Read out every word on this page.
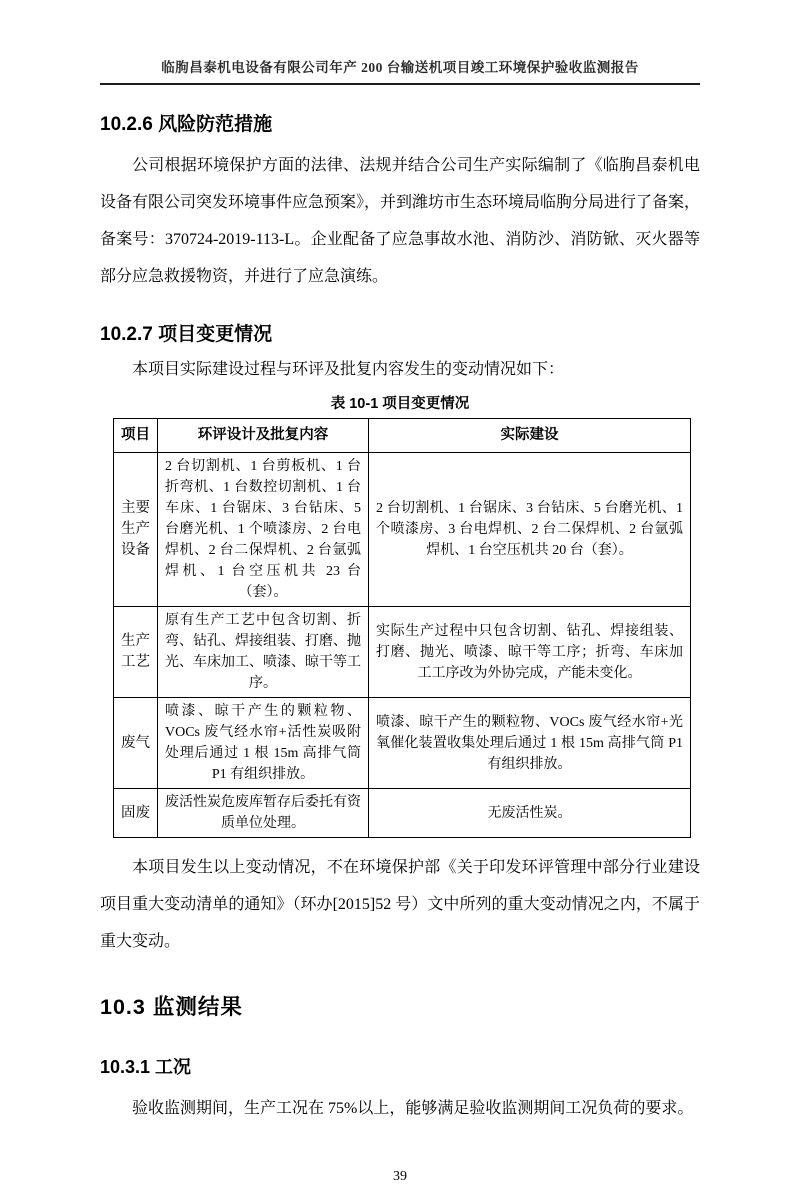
临朐昌泰机电设备有限公司年产 200 台输送机项目竣工环境保护验收监测报告
10.2.6 风险防范措施

公司根据环境保护方面的法律、法规并结合公司生产实际编制了《临朐昌泰机电设备有限公司突发环境事件应急预案》，并到潍坊市生态环境局临朐分局进行了备案，备案号：370724-2019-113-L。企业配备了应急事故水池、消防沙、消防锨、灭火器等部分应急救援物资，并进行了应急演练。

10.2.7 项目变更情况

本项目实际建设过程与环评及批复内容发生的变动情况如下：

表 10-1 项目变更情况
项目	环评设计及批复内容	实际建设
主要生产设备	2 台切割机、1 台剪板机、1 台折弯机、1 台数控切割机、1 台车床、1 台锯床、3 台钻床、5 台磨光机、1 个喷漆房、2 台电焊机、2 台二保焊机、2 台氩弧焊机、1 台空压机共 23 台（套）。	2 台切割机、1 台锯床、3 台钻床、5 台磨光机、1 个喷漆房、3 台电焊机、2 台二保焊机、2 台氩弧焊机、1 台空压机共 20 台（套）。
生产工艺	原有生产工艺中包含切割、折弯、钻孔、焊接组装、打磨、抛光、车床加工、喷漆、晾干等工序。	实际生产过程中只包含切割、钻孔、焊接组装、打磨、抛光、喷漆、晾干等工序；折弯、车床加工工序改为外协完成，产能未变化。
废气	喷漆、晾干产生的颗粒物、VOCs 废气经水帘+活性炭吸附处理后通过 1 根 15m 高排气筒 P1 有组织排放。	喷漆、晾干产生的颗粒物、VOCs 废气经水帘+光氧催化装置收集处理后通过 1 根 15m 高排气筒 P1 有组织排放。
固废	废活性炭危废库暂存后委托有资质单位处理。	无废活性炭。

本项目发生以上变动情况，不在环境保护部《关于印发环评管理中部分行业建设项目重大变动清单的通知》（环办[2015]52 号）文中所列的重大变动情况之内，不属于重大变动。

10.3 监测结果
10.3.1 工况

验收监测期间，生产工况在 75%以上，能够满足验收监测期间工况负荷的要求。

39
